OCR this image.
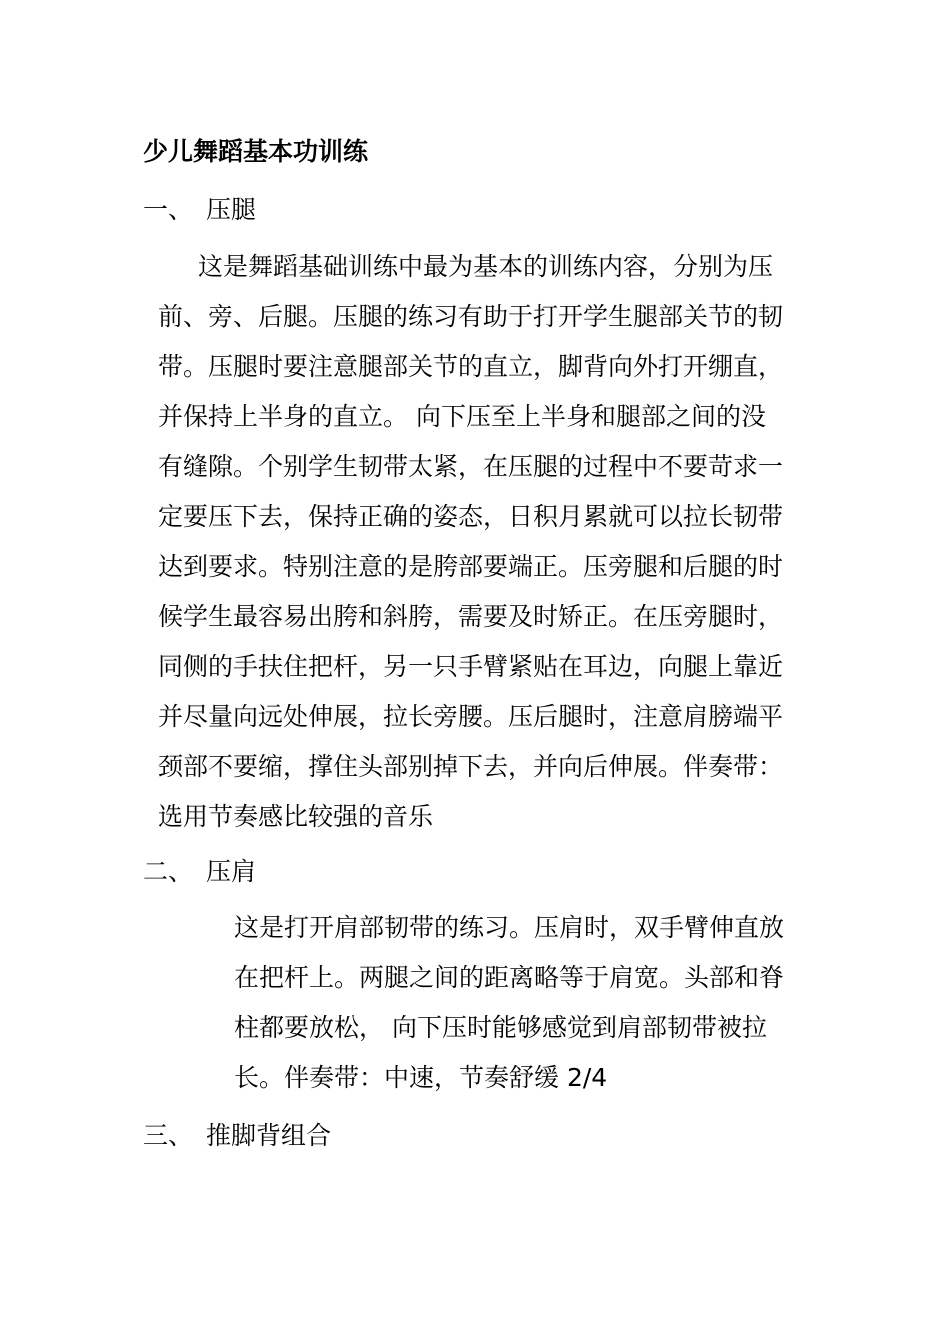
少儿舞蹈基本功训练
一、 压腿
这是舞蹈基础训练中最为基本的训练内容，分别为压
前、旁、后腿。压腿的练习有助于打开学生腿部关节的韧
带。压腿时要注意腿部关节的直立，脚背向外打开绷直，
并保持上半身的直立。 向下压至上半身和腿部之间的没
有缝隙。个别学生韧带太紧，在压腿的过程中不要苛求一
定要压下去，保持正确的姿态，日积月累就可以拉长韧带
达到要求。特别注意的是胯部要端正。压旁腿和后腿的时
候学生最容易出胯和斜胯，需要及时矫正。在压旁腿时，
同侧的手扶住把杆，另一只手臂紧贴在耳边，向腿上靠近
并尽量向远处伸展，拉长旁腰。压后腿时，注意肩膀端平
颈部不要缩，撑住头部别掉下去，并向后伸展。伴奏带：
选用节奏感比较强的音乐
二、 压肩
这是打开肩部韧带的练习。压肩时，双手臂伸直放
在把杆上。两腿之间的距离略等于肩宽。头部和脊
柱都要放松， 向下压时能够感觉到肩部韧带被拉
长。伴奏带：中速，节奏舒缓 2/4
三、 推脚背组合
